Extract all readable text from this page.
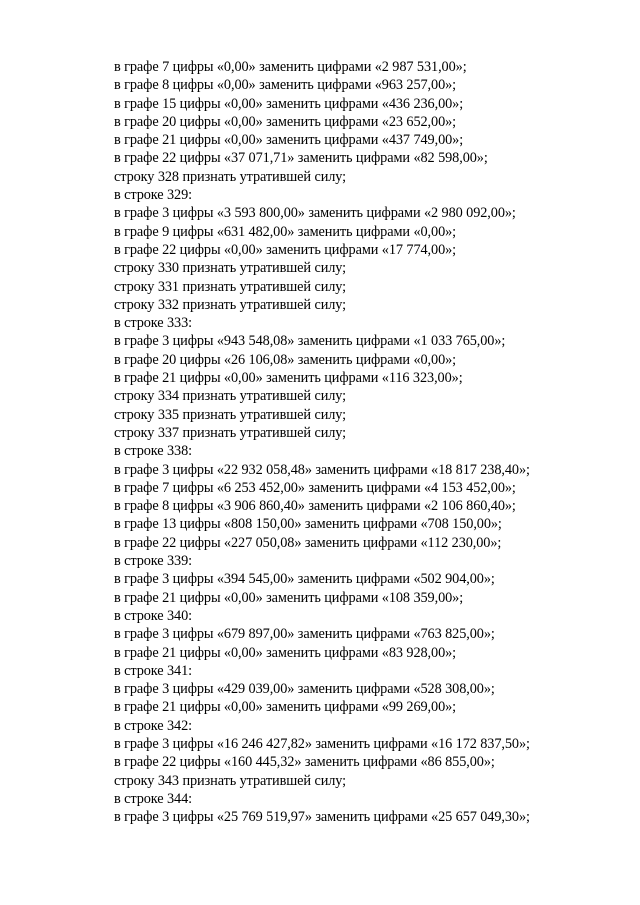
в графе 7 цифры «0,00» заменить цифрами «2 987 531,00»;
в графе 8 цифры «0,00» заменить цифрами «963 257,00»;
в графе 15 цифры «0,00» заменить цифрами «436 236,00»;
в графе 20 цифры «0,00» заменить цифрами «23 652,00»;
в графе 21 цифры «0,00» заменить цифрами «437 749,00»;
в графе 22 цифры «37 071,71» заменить цифрами «82 598,00»;
строку 328 признать утратившей силу;
в строке 329:
в графе 3 цифры «3 593 800,00» заменить цифрами «2 980 092,00»;
в графе 9 цифры «631 482,00» заменить цифрами «0,00»;
в графе 22 цифры «0,00» заменить цифрами «17 774,00»;
строку 330 признать утратившей силу;
строку 331 признать утратившей силу;
строку 332 признать утратившей силу;
в строке 333:
в графе 3 цифры «943 548,08» заменить цифрами «1 033 765,00»;
в графе 20 цифры «26 106,08» заменить цифрами «0,00»;
в графе 21 цифры «0,00» заменить цифрами «116 323,00»;
строку 334 признать утратившей силу;
строку 335 признать утратившей силу;
строку 337 признать утратившей силу;
в строке 338:
в графе 3 цифры «22 932 058,48» заменить цифрами «18 817 238,40»;
в графе 7 цифры «6 253 452,00» заменить цифрами «4 153 452,00»;
в графе 8 цифры «3 906 860,40» заменить цифрами «2 106 860,40»;
в графе 13 цифры «808 150,00» заменить цифрами «708 150,00»;
в графе 22 цифры «227 050,08» заменить цифрами «112 230,00»;
в строке 339:
в графе 3 цифры «394 545,00» заменить цифрами «502 904,00»;
в графе 21 цифры «0,00» заменить цифрами «108 359,00»;
в строке 340:
в графе 3 цифры «679 897,00» заменить цифрами «763 825,00»;
в графе 21 цифры «0,00» заменить цифрами «83 928,00»;
в строке 341:
в графе 3 цифры «429 039,00» заменить цифрами «528 308,00»;
в графе 21 цифры «0,00» заменить цифрами «99 269,00»;
в строке 342:
в графе 3 цифры «16 246 427,82» заменить цифрами «16 172 837,50»;
в графе 22 цифры «160 445,32» заменить цифрами «86 855,00»;
строку 343 признать утратившей силу;
в строке 344:
в графе 3 цифры «25 769 519,97» заменить цифрами «25 657 049,30»;
